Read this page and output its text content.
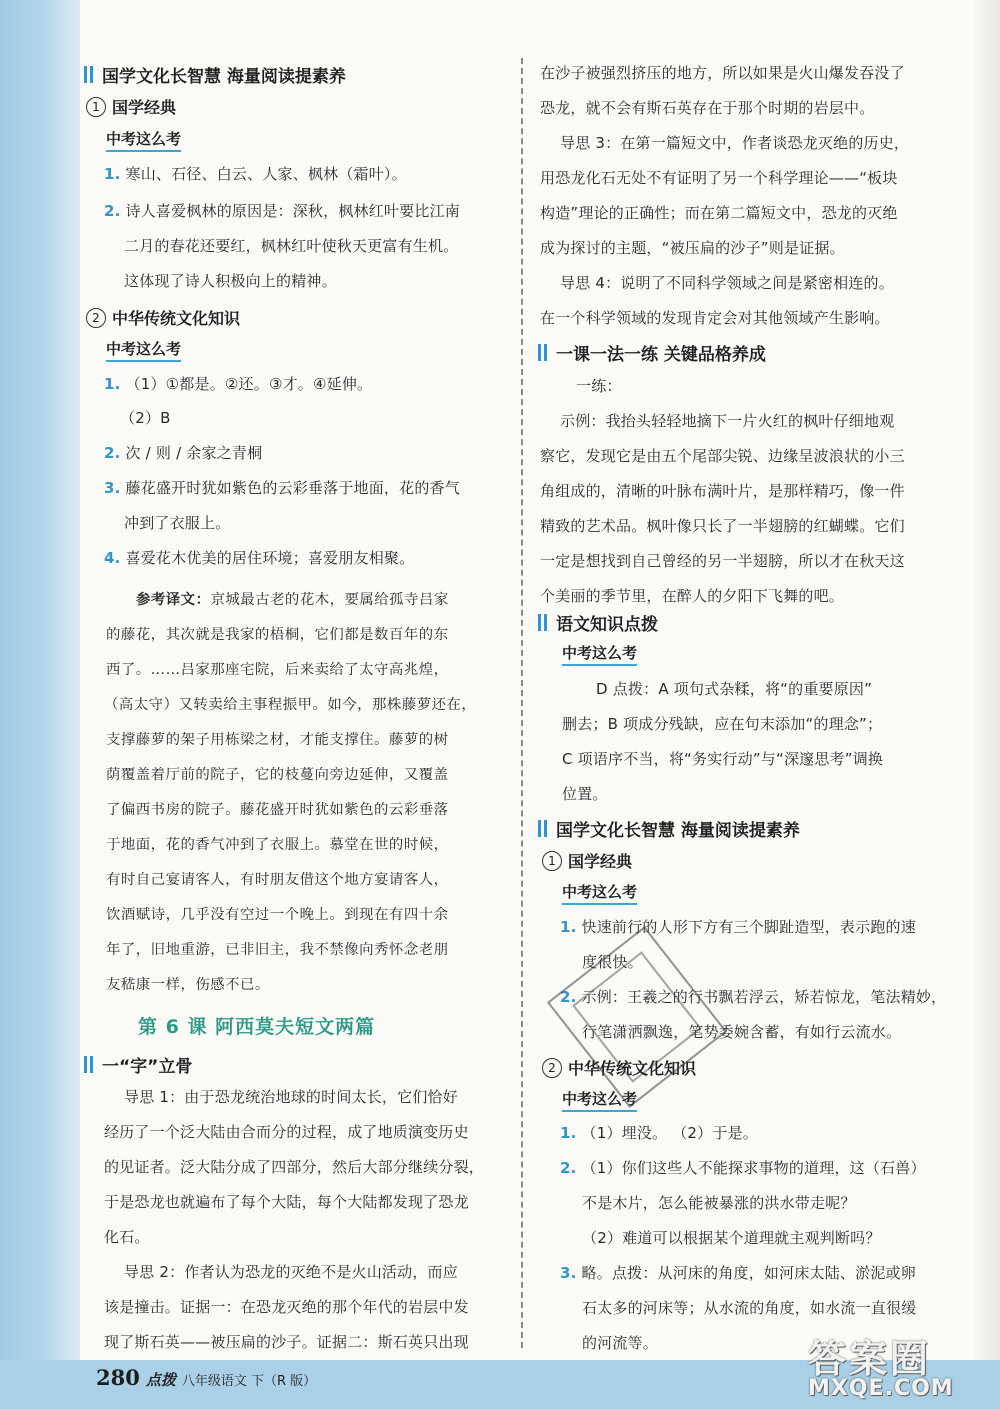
国学文化长智慧 海量阅读提素养
1 国学经典
中考这么考
1. 寒山、石径、白云、人家、枫林（霜叶）。
2. 诗人喜爱枫林的原因是：深秋，枫林红叶要比江南
二月的春花还要红，枫林红叶使秋天更富有生机。
这体现了诗人积极向上的精神。
2 中华传统文化知识
中考这么考
1. （1）①都是。②还。③才。④延伸。
（2）B
2. 次 / 则 / 余家之青桐
3. 藤花盛开时犹如紫色的云彩垂落于地面，花的香气
冲到了衣服上。
4. 喜爱花木优美的居住环境；喜爱朋友相聚。
参考译文：京城最古老的花木，要属给孤寺吕家
的藤花，其次就是我家的梧桐，它们都是数百年的东
西了。……吕家那座宅院，后来卖给了太守高兆煌，
（高太守）又转卖给主事程振甲。如今，那株藤萝还在，
支撑藤萝的架子用栋梁之材，才能支撑住。藤萝的树
荫覆盖着厅前的院子，它的枝蔓向旁边延伸，又覆盖
了偏西书房的院子。藤花盛开时犹如紫色的云彩垂落
于地面，花的香气冲到了衣服上。慕堂在世的时候，
有时自己宴请客人，有时朋友借这个地方宴请客人，
饮酒赋诗，几乎没有空过一个晚上。到现在有四十余
年了，旧地重游，已非旧主，我不禁像向秀怀念老朋
友嵇康一样，伤感不已。
第 6 课 阿西莫夫短文两篇
一“字”立骨
导思 1：由于恐龙统治地球的时间太长，它们恰好
经历了一个泛大陆由合而分的过程，成了地质演变历史
的见证者。泛大陆分成了四部分，然后大部分继续分裂，
于是恐龙也就遍布了每个大陆，每个大陆都发现了恐龙
化石。
导思 2：作者认为恐龙的灭绝不是火山活动，而应
该是撞击。证据一：在恐龙灭绝的那个年代的岩层中发
现了斯石英——被压扁的沙子。证据二：斯石英只出现
在沙子被强烈挤压的地方，所以如果是火山爆发吞没了
恐龙，就不会有斯石英存在于那个时期的岩层中。
导思 3：在第一篇短文中，作者谈恐龙灭绝的历史，
用恐龙化石无处不有证明了另一个科学理论——“板块
构造”理论的正确性；而在第二篇短文中，恐龙的灭绝
成为探讨的主题，“被压扁的沙子”则是证据。
导思 4：说明了不同科学领域之间是紧密相连的。
在一个科学领域的发现肯定会对其他领域产生影响。
一课一法一练 关键品格养成
一练：
示例：我抬头轻轻地摘下一片火红的枫叶仔细地观
察它，发现它是由五个尾部尖锐、边缘呈波浪状的小三
角组成的，清晰的叶脉布满叶片，是那样精巧，像一件
精致的艺术品。枫叶像只长了一半翅膀的红蝴蝶。它们
一定是想找到自己曾经的另一半翅膀，所以才在秋天这
个美丽的季节里，在醉人的夕阳下飞舞的吧。
语文知识点拨
中考这么考
D 点拨：A 项句式杂糅，将“的重要原因”
删去；B 项成分残缺，应在句末添加“的理念”；
C 项语序不当，将“务实行动”与“深邃思考”调换
位置。
国学文化长智慧 海量阅读提素养
1 国学经典
中考这么考
1. 快速前行的人形下方有三个脚趾造型，表示跑的速
度很快。
2. 示例：王羲之的行书飘若浮云，矫若惊龙，笔法精妙，
行笔潇洒飘逸，笔势委婉含蓄，有如行云流水。
2 中华传统文化知识
中考这么考
1. （1）埋没。 （2）于是。
2. （1）你们这些人不能探求事物的道理，这（石兽）
不是木片，怎么能被暴涨的洪水带走呢？
（2）难道可以根据某个道理就主观判断吗？
3. 略。点拨：从河床的角度，如河床太陆、淤泥或卵
石太多的河床等；从水流的角度，如水流一直很缓
的河流等。
280 点拨 八年级语文 下（R 版）
答案圈
MXQE.COM
